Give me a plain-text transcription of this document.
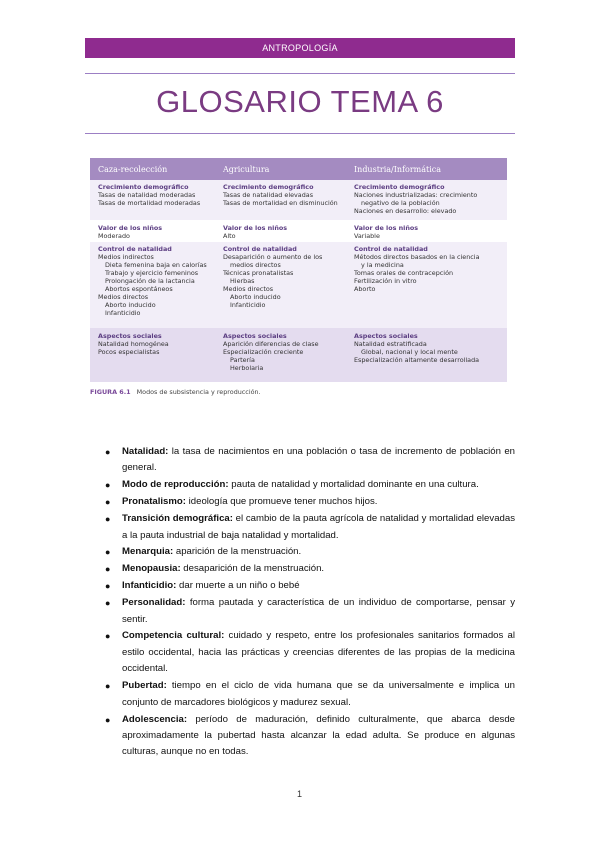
ANTROPOLOGÍA
GLOSARIO TEMA 6
Caza-recolección	Agricultura	Industria/Informática
Crecimiento demográfico
Tasas de natalidad moderadas
Tasas de mortalidad moderadas
Crecimiento demográfico
Tasas de natalidad elevadas
Tasas de mortalidad en disminución
Crecimiento demográfico
Naciones industrializadas: crecimiento
negativo de la población
Naciones en desarrollo: elevado
Valor de los niños
Moderado
Valor de los niños
Alto
Valor de los niños
Variable
Control de natalidad
Medios indirectos
Dieta femenina baja en calorías
Trabajo y ejercicio femeninos
Prolongación de la lactancia
Abortos espontáneos
Medios directos
Aborto inducido
Infanticidio
Control de natalidad
Desaparición o aumento de los
medios directos
Técnicas pronatalistas
Hierbas
Medios directos
Aborto inducido
Infanticidio
Control de natalidad
Métodos directos basados en la ciencia
y la medicina
Tomas orales de contracepción
Fertilización in vitro
Aborto
Aspectos sociales
Natalidad homogénea
Pocos especialistas
Aspectos sociales
Aparición diferencias de clase
Especialización creciente
Partería
Herbolaria
Aspectos sociales
Natalidad estratificada
Global, nacional y local mente
Especialización altamente desarrollada
FIGURA 6.1 Modos de subsistencia y reproducción.
● Natalidad: la tasa de nacimientos en una población o tasa de incremento de población en general.
● Modo de reproducción: pauta de natalidad y mortalidad dominante en una cultura.
● Pronatalismo: ideología que promueve tener muchos hijos.
● Transición demográfica: el cambio de la pauta agrícola de natalidad y mortalidad elevadas a la pauta industrial de baja natalidad y mortalidad.
● Menarquia: aparición de la menstruación.
● Menopausia: desaparición de la menstruación.
● Infanticidio: dar muerte a un niño o bebé
● Personalidad: forma pautada y característica de un individuo de comportarse, pensar y sentir.
● Competencia cultural: cuidado y respeto, entre los profesionales sanitarios formados al estilo occidental, hacia las prácticas y creencias diferentes de las propias de la medicina occidental.
● Pubertad: tiempo en el ciclo de vida humana que se da universalmente e implica un conjunto de marcadores biológicos y madurez sexual.
● Adolescencia: período de maduración, definido culturalmente, que abarca desde aproximadamente la pubertad hasta alcanzar la edad adulta. Se produce en algunas culturas, aunque no en todas.
1
